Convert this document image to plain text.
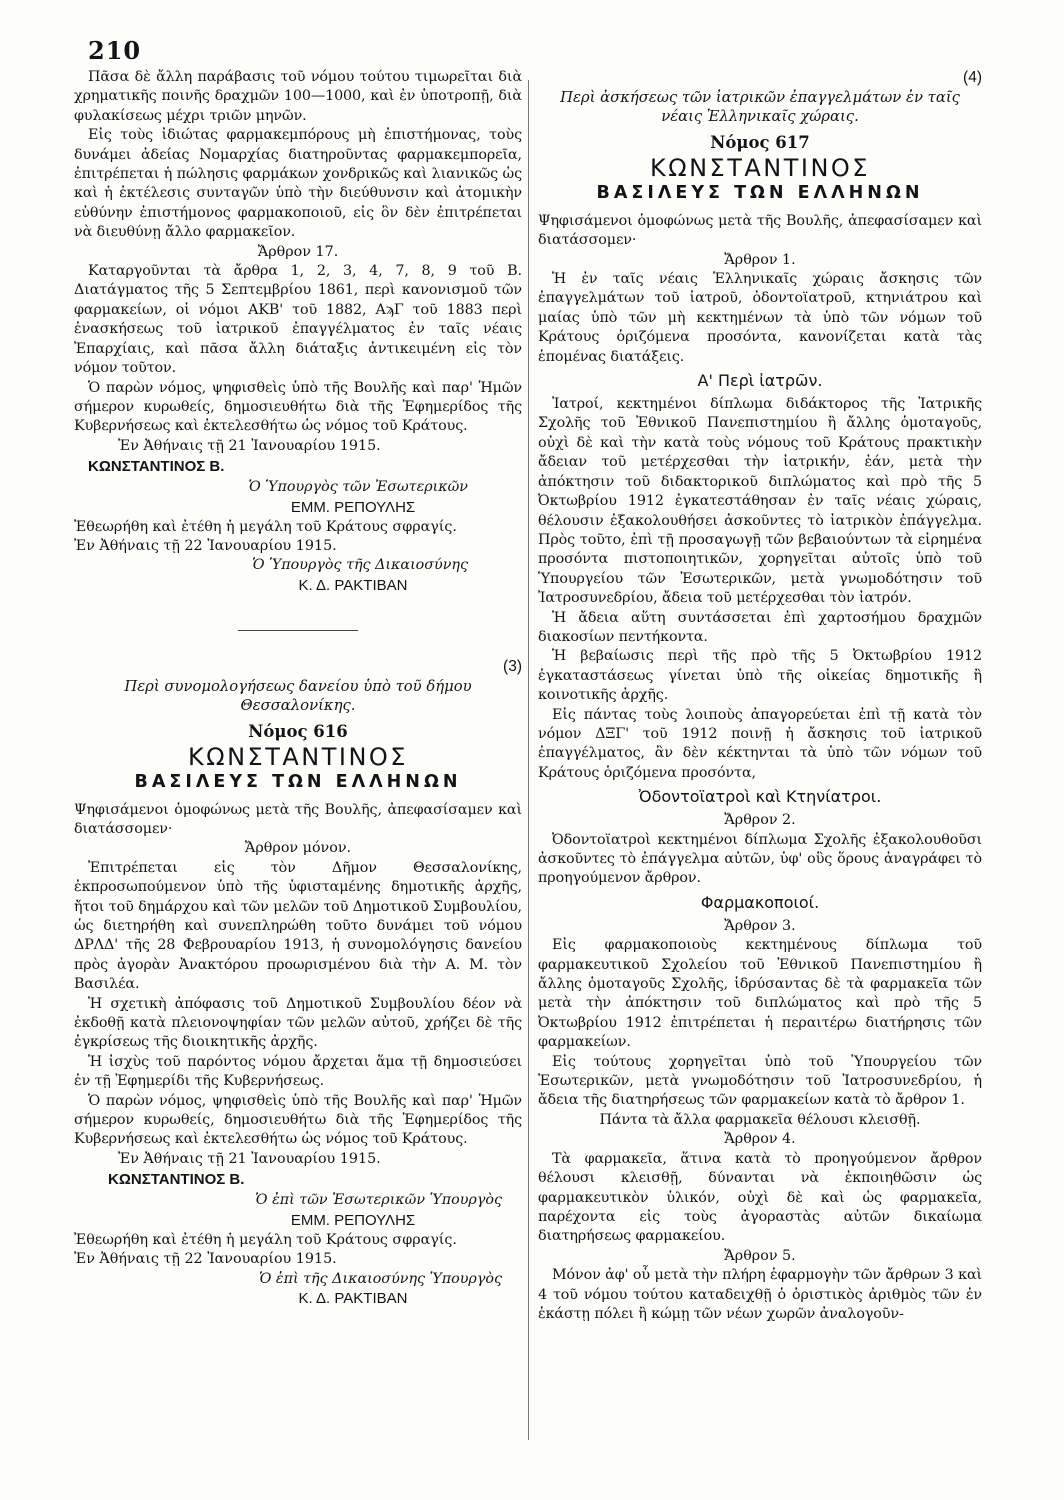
210

Πᾶσα δὲ ἄλλη παράβασις τοῦ νόμου τούτου τιμωρεῖται διὰ χρηματικῆς ποινῆς δραχμῶν 100—1000, καὶ ἐν ὑποτροπῇ, διὰ φυλακίσεως μέχρι τριῶν μηνῶν.

Εἰς τοὺς ἰδιώτας φαρμακεμπόρους μὴ ἐπιστήμονας, τοὺς δυνάμει ἀδείας Νομαρχίας διατηροῦντας φαρμακεμπορεῖα, ἐπιτρέπεται ἡ πώλησις φαρμάκων χονδρικῶς καὶ λιανικῶς ὡς καὶ ἡ ἐκτέλεσις συνταγῶν ὑπὸ τὴν διεύθυνσιν καὶ ἀτομικὴν εὐθύνην ἐπιστήμονος φαρμακοποιοῦ, εἰς ὃν δὲν ἐπιτρέπεται νὰ διευθύνῃ ἄλλο φαρμακεῖον.

Ἄρθρον 17.

Καταργοῦνται τὰ ἄρθρα 1, 2, 3, 4, 7, 8, 9 τοῦ Β. Διατάγματος τῆς 5 Σεπτεμβρίου 1861, περὶ κανονισμοῦ τῶν φαρμακείων, οἱ νόμοι ΑΚΒ' τοῦ 1882, ΑϡΓ τοῦ 1883 περὶ ἐνασκήσεως τοῦ ἰατρικοῦ ἐπαγγέλματος ἐν ταῖς νέαις Ἐπαρχίαις, καὶ πᾶσα ἄλλη διάταξις ἀντικειμένη εἰς τὸν νόμον τοῦτον.

Ὁ παρὼν νόμος, ψηφισθεὶς ὑπὸ τῆς Βουλῆς καὶ παρ' Ἡμῶν σήμερον κυρωθείς, δημοσιευθήτω διὰ τῆς Ἐφημερίδος τῆς Κυβερνήσεως καὶ ἐκτελεσθήτω ὡς νόμος τοῦ Κράτους.

Ἐν Ἀθήναις τῇ 21 Ἰανουαρίου 1915.
ΚΩΝΣΤΑΝΤΙΝΟΣ Β.
Ὁ Ὑπουργὸς τῶν Ἐσωτερικῶν
ΕΜΜ. ΡΕΠΟΥΛΗΣ
Ἐθεωρήθη καὶ ἐτέθη ἡ μεγάλη τοῦ Κράτους σφραγίς.
Ἐν Ἀθήναις τῇ 22 Ἰανουαρίου 1915.
Ὁ Ὑπουργὸς τῆς Δικαιοσύνης
Κ. Δ. ΡΑΚΤΙΒΑΝ
(3)
Περὶ συνομολογήσεως δανείου ὑπὸ τοῦ δήμου Θεσσαλονίκης.
Νόμος 616
ΚΩΝΣΤΑΝΤΙΝΟΣ
ΒΑΣΙΛΕΥΣ ΤΩΝ ΕΛΛΗΝΩΝ

Ψηφισάμενοι ὁμοφώνως μετὰ τῆς Βουλῆς, ἀπεφασίσαμεν καὶ διατάσσομεν·

Ἄρθρον μόνον.

Ἐπιτρέπεται εἰς τὸν Δῆμον Θεσσαλονίκης, ἐκπροσωπούμενον ὑπὸ τῆς ὑφισταμένης δημοτικῆς ἀρχῆς, ἤτοι τοῦ δημάρχου καὶ τῶν μελῶν τοῦ Δημοτικοῦ Συμβουλίου, ὡς διετηρήθη καὶ συνεπληρώθη τοῦτο δυνάμει τοῦ νόμου ΔΡΛΔ' τῆς 28 Φεβρουαρίου 1913, ἡ συνομολόγησις δανείου πρὸς ἀγορὰν Ἀνακτόρου προωρισμένου διὰ τὴν Α. Μ. τὸν Βασιλέα.

Ἡ σχετικὴ ἀπόφασις τοῦ Δημοτικοῦ Συμβουλίου δέον νὰ ἐκδοθῇ κατὰ πλειονοψηφίαν τῶν μελῶν αὐτοῦ, χρήζει δὲ τῆς ἐγκρίσεως τῆς διοικητικῆς ἀρχῆς.

Ἡ ἰσχὺς τοῦ παρόντος νόμου ἄρχεται ἅμα τῇ δημοσιεύσει ἐν τῇ Ἐφημερίδι τῆς Κυβερνήσεως.

Ὁ παρὼν νόμος, ψηφισθεὶς ὑπὸ τῆς Βουλῆς καὶ παρ' Ἡμῶν σήμερον κυρωθείς, δημοσιευθήτω διὰ τῆς Ἐφημερίδος τῆς Κυβερνήσεως καὶ ἐκτελεσθήτω ὡς νόμος τοῦ Κράτους.

Ἐν Ἀθήναις τῇ 21 Ἰανουαρίου 1915.
ΚΩΝΣΤΑΝΤΙΝΟΣ Β.
Ὁ ἐπὶ τῶν Ἐσωτερικῶν Ὑπουργὸς
ΕΜΜ. ΡΕΠΟΥΛΗΣ
Ἐθεωρήθη καὶ ἐτέθη ἡ μεγάλη τοῦ Κράτους σφραγίς.
Ἐν Ἀθήναις τῇ 22 Ἰανουαρίου 1915.
Ὁ ἐπὶ τῆς Δικαιοσύνης Ὑπουργὸς
Κ. Δ. ΡΑΚΤΙΒΑΝ
(4)
Περὶ ἀσκήσεως τῶν ἰατρικῶν ἐπαγγελμάτων ἐν ταῖς νέαις Ἑλληνικαῖς χώραις.
Νόμος 617
ΚΩΝΣΤΑΝΤΙΝΟΣ
ΒΑΣΙΛΕΥΣ ΤΩΝ ΕΛΛΗΝΩΝ

Ψηφισάμενοι ὁμοφώνως μετὰ τῆς Βουλῆς, ἀπεφασίσαμεν καὶ διατάσσομεν·

Ἄρθρον 1.

Ἡ ἐν ταῖς νέαις Ἑλληνικαῖς χώραις ἄσκησις τῶν ἐπαγγελμάτων τοῦ ἰατροῦ, ὀδοντοϊατροῦ, κτηνιάτρου καὶ μαίας ὑπὸ τῶν μὴ κεκτημένων τὰ ὑπὸ τῶν νόμων τοῦ Κράτους ὁριζόμενα προσόντα, κανονίζεται κατὰ τὰς ἑπομένας διατάξεις.

Α' Περὶ ἰατρῶν.

Ἰατροί, κεκτημένοι δίπλωμα διδάκτορος τῆς Ἰατρικῆς Σχολῆς τοῦ Ἐθνικοῦ Πανεπιστημίου ἢ ἄλλης ὁμοταγοῦς, οὐχὶ δὲ καὶ τὴν κατὰ τοὺς νόμους τοῦ Κράτους πρακτικὴν ἄδειαν τοῦ μετέρχεσθαι τὴν ἰατρικήν, ἐάν, μετὰ τὴν ἀπόκτησιν τοῦ διδακτορικοῦ διπλώματος καὶ πρὸ τῆς 5 Ὀκτωβρίου 1912 ἐγκατεστάθησαν ἐν ταῖς νέαις χώραις, θέλουσιν ἐξακολουθήσει ἀσκοῦντες τὸ ἰατρικὸν ἐπάγγελμα. Πρὸς τοῦτο, ἐπὶ τῇ προσαγωγῇ τῶν βεβαιούντων τὰ εἰρημένα προσόντα πιστοποιητικῶν, χορηγεῖται αὐτοῖς ὑπὸ τοῦ Ὑπουργείου τῶν Ἐσωτερικῶν, μετὰ γνωμοδότησιν τοῦ Ἰατροσυνεδρίου, ἄδεια τοῦ μετέρχεσθαι τὸν ἰατρόν.

Ἡ ἄδεια αὕτη συντάσσεται ἐπὶ χαρτοσήμου δραχμῶν διακοσίων πεντήκοντα.

Ἡ βεβαίωσις περὶ τῆς πρὸ τῆς 5 Ὀκτωβρίου 1912 ἐγκαταστάσεως γίνεται ὑπὸ τῆς οἰκείας δημοτικῆς ἢ κοινοτικῆς ἀρχῆς.

Εἰς πάντας τοὺς λοιποὺς ἀπαγορεύεται ἐπὶ τῇ κατὰ τὸν νόμον ΔΞΓ' τοῦ 1912 ποινῇ ἡ ἄσκησις τοῦ ἰατρικοῦ ἐπαγγέλματος, ἂν δὲν κέκτηνται τὰ ὑπὸ τῶν νόμων τοῦ Κράτους ὁριζόμενα προσόντα,

Ὀδοντοϊατροὶ καὶ Κτηνίατροι.
Ἄρθρον 2.

Ὀδοντοϊατροὶ κεκτημένοι δίπλωμα Σχολῆς ἐξακολουθοῦσι ἀσκοῦντες τὸ ἐπάγγελμα αὐτῶν, ὑφ' οὓς ὅρους ἀναγράφει τὸ προηγούμενον ἄρθρον.

Φαρμακοποιοί.
Ἄρθρον 3.

Εἰς φαρμακοποιοὺς κεκτημένους δίπλωμα τοῦ φαρμακευτικοῦ Σχολείου τοῦ Ἐθνικοῦ Πανεπιστημίου ἢ ἄλλης ὁμοταγοῦς Σχολῆς, ἱδρύσαντας δὲ τὰ φαρμακεῖα τῶν μετὰ τὴν ἀπόκτησιν τοῦ διπλώματος καὶ πρὸ τῆς 5 Ὀκτωβρίου 1912 ἐπιτρέπεται ἡ περαιτέρω διατήρησις τῶν φαρμακείων.

Εἰς τούτους χορηγεῖται ὑπὸ τοῦ Ὑπουργείου τῶν Ἐσωτερικῶν, μετὰ γνωμοδότησιν τοῦ Ἰατροσυνεδρίου, ἡ ἄδεια τῆς διατηρήσεως τῶν φαρμακείων κατὰ τὸ ἄρθρον 1.

Πάντα τὰ ἄλλα φαρμακεῖα θέλουσι κλεισθῇ.

Ἄρθρον 4.

Τὰ φαρμακεῖα, ἅτινα κατὰ τὸ προηγούμενον ἄρθρον θέλουσι κλεισθῇ, δύνανται νὰ ἐκποιηθῶσιν ὡς φαρμακευτικὸν ὑλικόν, οὐχὶ δὲ καὶ ὡς φαρμακεῖα, παρέχοντα εἰς τοὺς ἀγοραστὰς αὐτῶν δικαίωμα διατηρήσεως φαρμακείου.

Ἄρθρον 5.

Μόνον ἀφ' οὗ μετὰ τὴν πλήρη ἐφαρμογὴν τῶν ἄρθρων 3 καὶ 4 τοῦ νόμου τούτου καταδειχθῇ ὁ ὁριστικὸς ἀριθμὸς τῶν ἐν ἑκάστῃ πόλει ἢ κώμῃ τῶν νέων χωρῶν ἀναλογοῦν-
